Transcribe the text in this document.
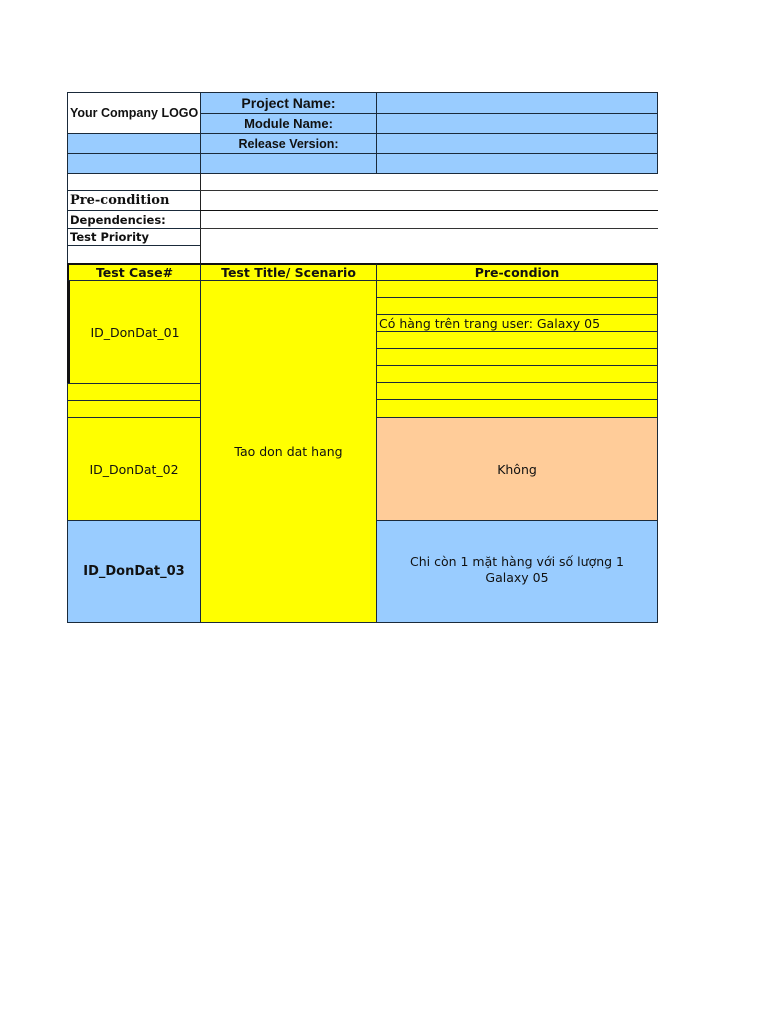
Your Company LOGO
Project Name:
Module Name:
Release Version:
Pre-condition
Dependencies:
Test Priority
Test Case#	Test Title/ Scenario	Pre-condion
ID_DonDat_01
ID_DonDat_02
ID_DonDat_03
Tao don dat hang
Có hàng trên trang user: Galaxy 05
Không
Chi còn 1 mặt hàng với số lượng 1
Galaxy 05
